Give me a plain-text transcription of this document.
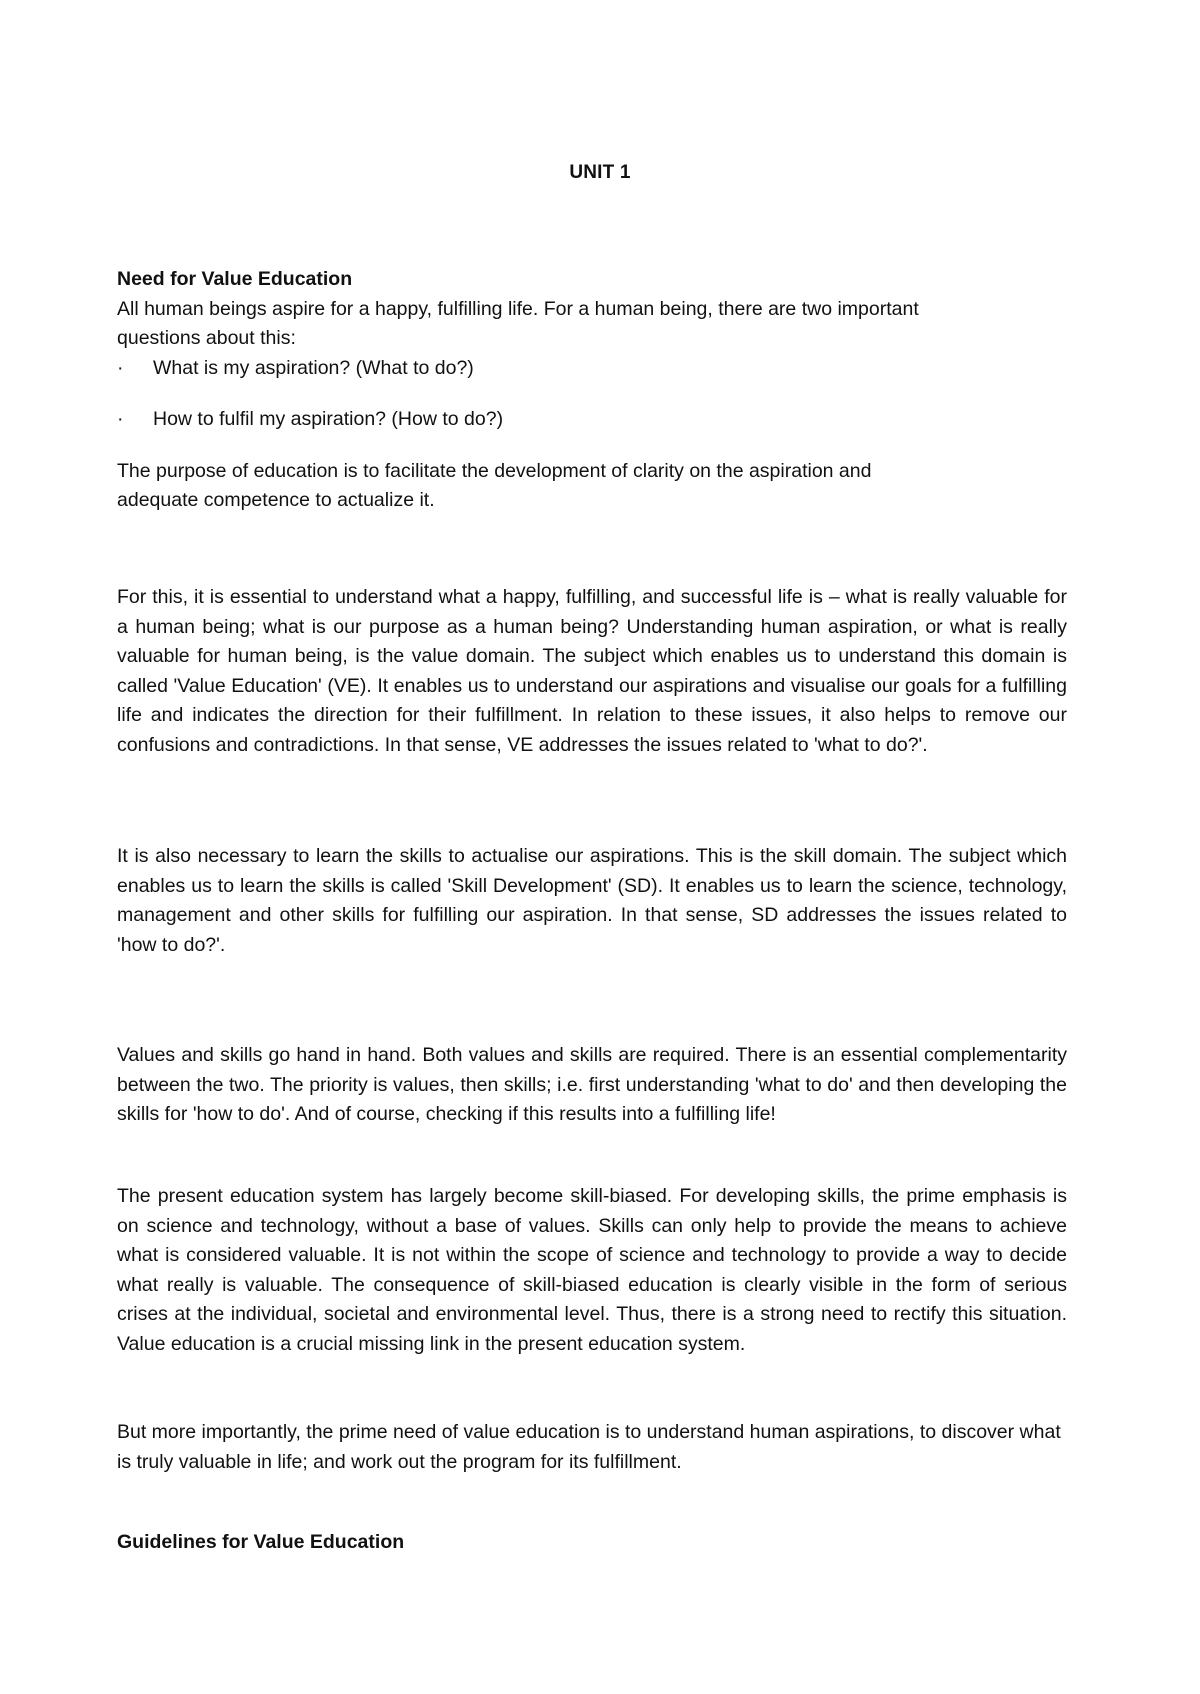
UNIT 1

Need for Value Education

All human beings aspire for a happy, fulfilling life. For a human being, there are two important questions about this:

· What is my aspiration? (What to do?)

· How to fulfil my aspiration? (How to do?)

The purpose of education is to facilitate the development of clarity on the aspiration and adequate competence to actualize it.

For this, it is essential to understand what a happy, fulfilling, and successful life is – what is really valuable for a human being; what is our purpose as a human being? Understanding human aspiration, or what is really valuable for human being, is the value domain. The subject which enables us to understand this domain is called 'Value Education' (VE). It enables us to understand our aspirations and visualise our goals for a fulfilling life and indicates the direction for their fulfillment. In relation to these issues, it also helps to remove our confusions and contradictions. In that sense, VE addresses the issues related to 'what to do?'.
It is also necessary to learn the skills to actualise our aspirations. This is the skill domain. The subject which enables us to learn the skills is called 'Skill Development' (SD). It enables us to learn the science, technology, management and other skills for fulfilling our aspiration. In that sense, SD addresses the issues related to 'how to do?'.
Values and skills go hand in hand. Both values and skills are required. There is an essential complementarity between the two. The priority is values, then skills; i.e. first understanding 'what to do' and then developing the skills for 'how to do'. And of course, checking if this results into a fulfilling life!
The present education system has largely become skill-biased. For developing skills, the prime emphasis is on science and technology, without a base of values. Skills can only help to provide the means to achieve what is considered valuable. It is not within the scope of science and technology to provide a way to decide what really is valuable. The consequence of skill-biased education is clearly visible in the form of serious crises at the individual, societal and environmental level. Thus, there is a strong need to rectify this situation. Value education is a crucial missing link in the present education system.
But more importantly, the prime need of value education is to understand human aspirations, to discover what is truly valuable in life; and work out the program for its fulfillment.

Guidelines for Value Education
